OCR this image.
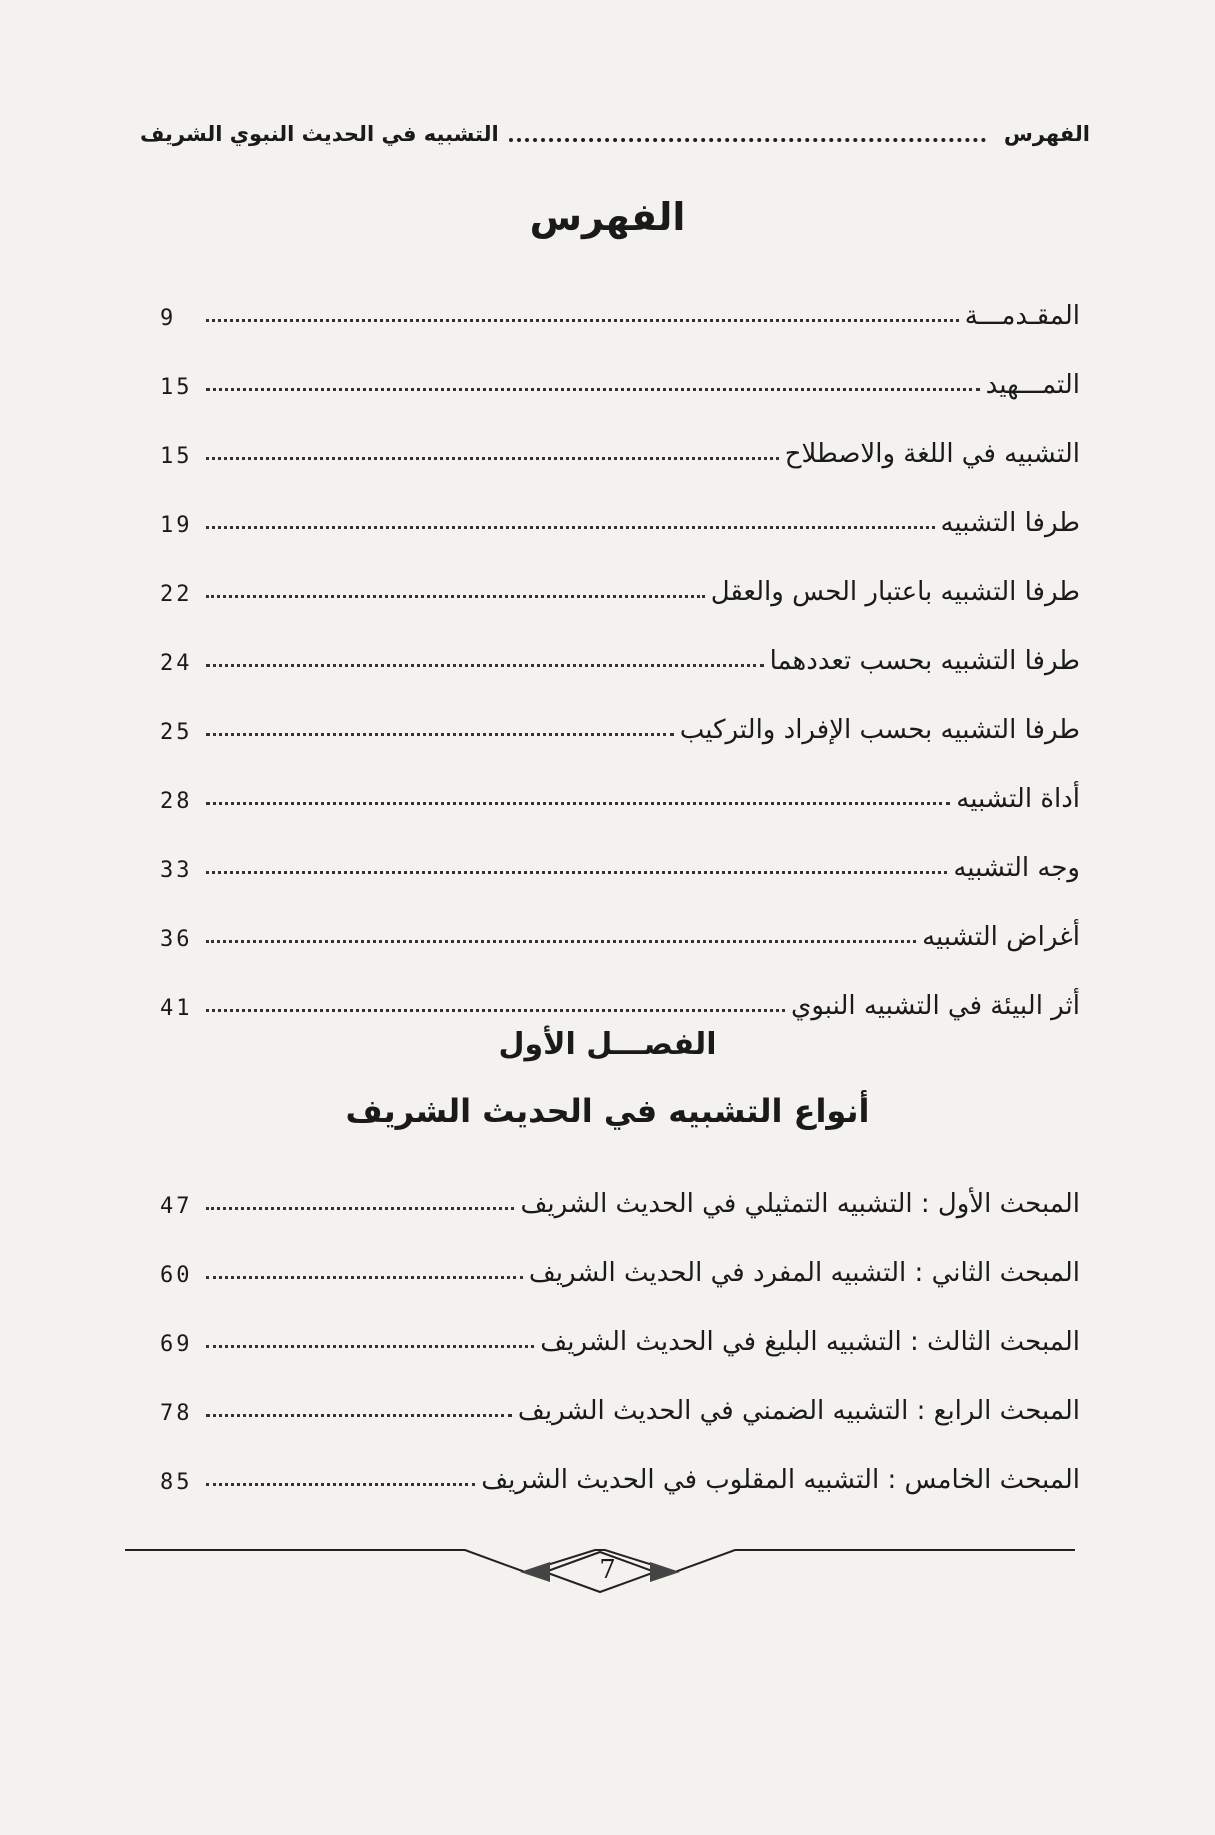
التشبيه في الحديث النبوي الشريف	الفهرس
الفهرس
المقـدمـــة
9
التمـــهيد
15
التشبيه في اللغة والاصطلاح
15
طرفا التشبيه
19
طرفا التشبيه باعتبار الحس والعقل
22
طرفا التشبيه بحسب تعددهما
24
طرفا التشبيه بحسب الإفراد والتركيب
25
أداة التشبيه
28
وجه التشبيه
33
أغراض التشبيه
36
أثر البيئة في التشبيه النبوي
41
الفصـــل الأول
أنواع التشبيه في الحديث الشريف
المبحث الأول : التشبيه التمثيلي في الحديث الشريف
47
المبحث الثاني : التشبيه المفرد في الحديث الشريف
60
المبحث الثالث : التشبيه البليغ في الحديث الشريف
69
المبحث الرابع : التشبيه الضمني في الحديث الشريف
78
المبحث الخامس : التشبيه المقلوب في الحديث الشريف
85
7
